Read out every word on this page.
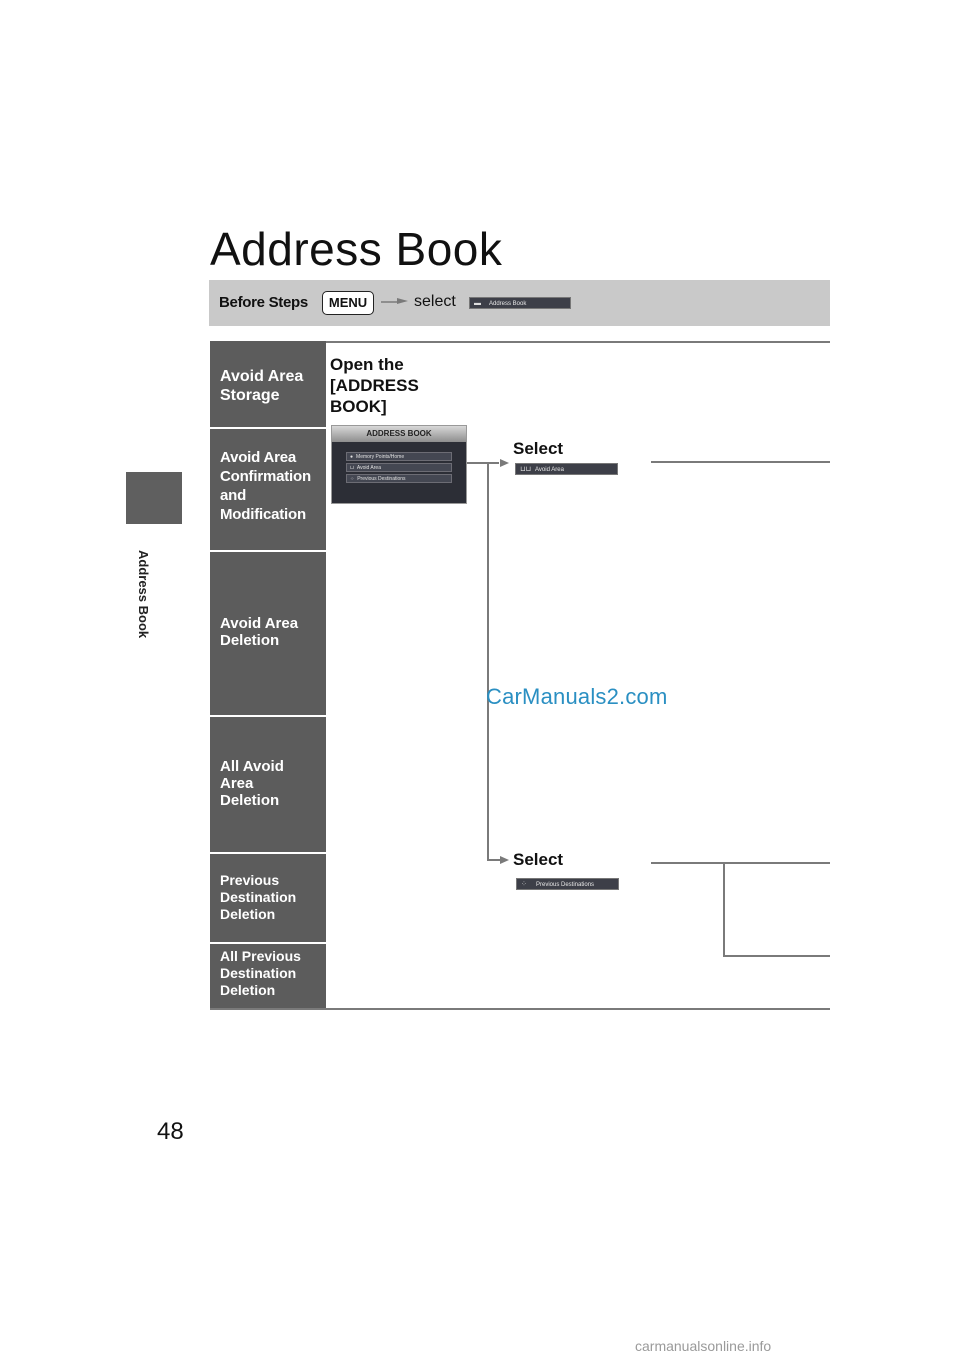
Address Book
Address Book
Before Steps	MENU	select	▬ Address Book
Avoid Area
Storage
Avoid Area
Confirmation
and
Modification
Avoid Area
Deletion
All Avoid
Area
Deletion
Previous
Destination
Deletion
All Previous
Destination
Deletion
Open the
[ADDRESS
BOOK]
ADDRESS BOOK
● Memory Points/Home
⊔ Avoid Area
⁘ Previous Destinations
Select
⊔⊔ Avoid Area
Select
⁘ Previous Destinations
CarManuals2.com
48
carmanualsonline.info
